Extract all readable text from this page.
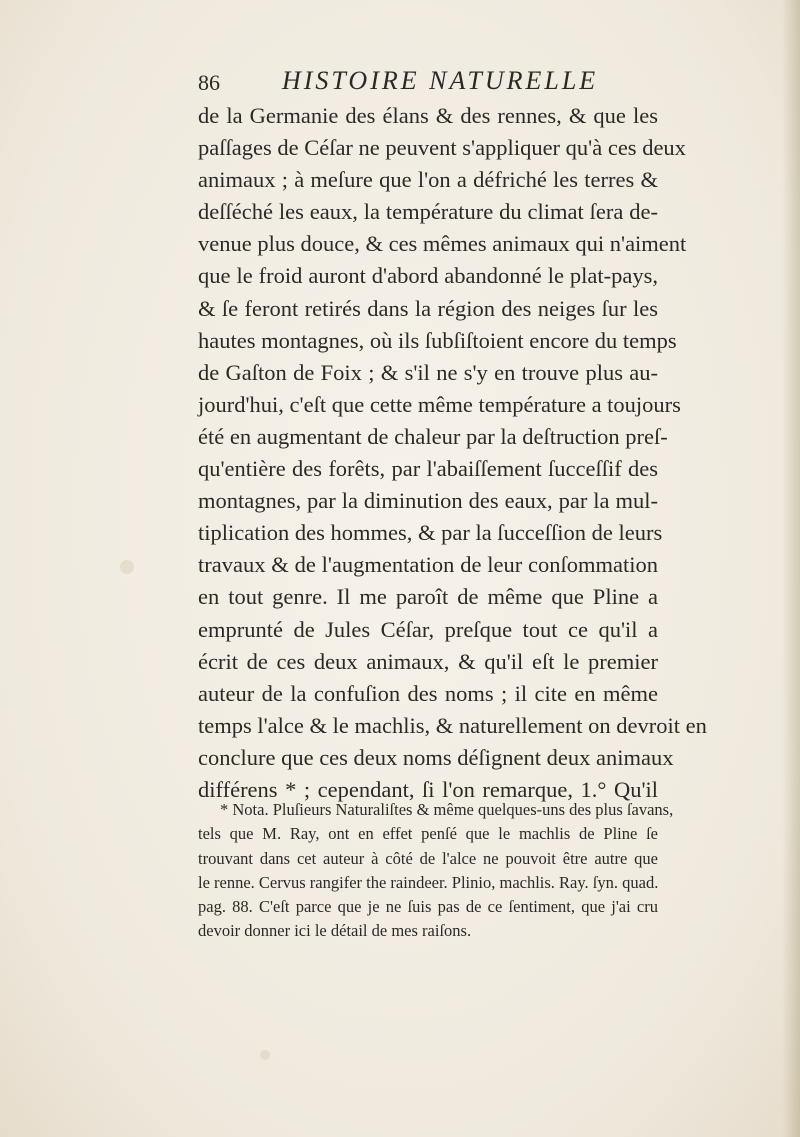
86 HISTOIRE NATURELLE
de la Germanie des élans & des rennes, & que les
paſſages de Céſar ne peuvent s'appliquer qu'à ces deux
animaux ; à meſure que l'on a défriché les terres &
deſſéché les eaux, la température du climat ſera de-
venue plus douce, & ces mêmes animaux qui n'aiment
que le froid auront d'abord abandonné le plat-pays,
& ſe feront retirés dans la région des neiges ſur les
hautes montagnes, où ils ſubſiſtoient encore du temps
de Gaſton de Foix ; & s'il ne s'y en trouve plus au-
jourd'hui, c'eſt que cette même température a toujours
été en augmentant de chaleur par la deſtruction preſ-
qu'entière des forêts, par l'abaiſſement ſucceſſif des
montagnes, par la diminution des eaux, par la mul-
tiplication des hommes, & par la ſucceſſion de leurs
travaux & de l'augmentation de leur conſommation
en tout genre. Il me paroît de même que Pline a
emprunté de Jules Céſar, preſque tout ce qu'il a
écrit de ces deux animaux, & qu'il eſt le premier
auteur de la confuſion des noms ; il cite en même
temps l'alce & le machlis, & naturellement on devroit en
conclure que ces deux noms déſignent deux animaux
différens * ; cependant, ſi l'on remarque, 1.° Qu'il
* Nota. Pluſieurs Naturaliſtes & même quelques-uns des plus ſavans,
tels que M. Ray, ont en effet penſé que le machlis de Pline ſe
trouvant dans cet auteur à côté de l'alce ne pouvoit être autre que
le renne. Cervus rangifer the raindeer. Plinio, machlis. Ray. ſyn. quad.
pag. 88. C'eſt parce que je ne ſuis pas de ce ſentiment, que j'ai cru
devoir donner ici le détail de mes raiſons.
